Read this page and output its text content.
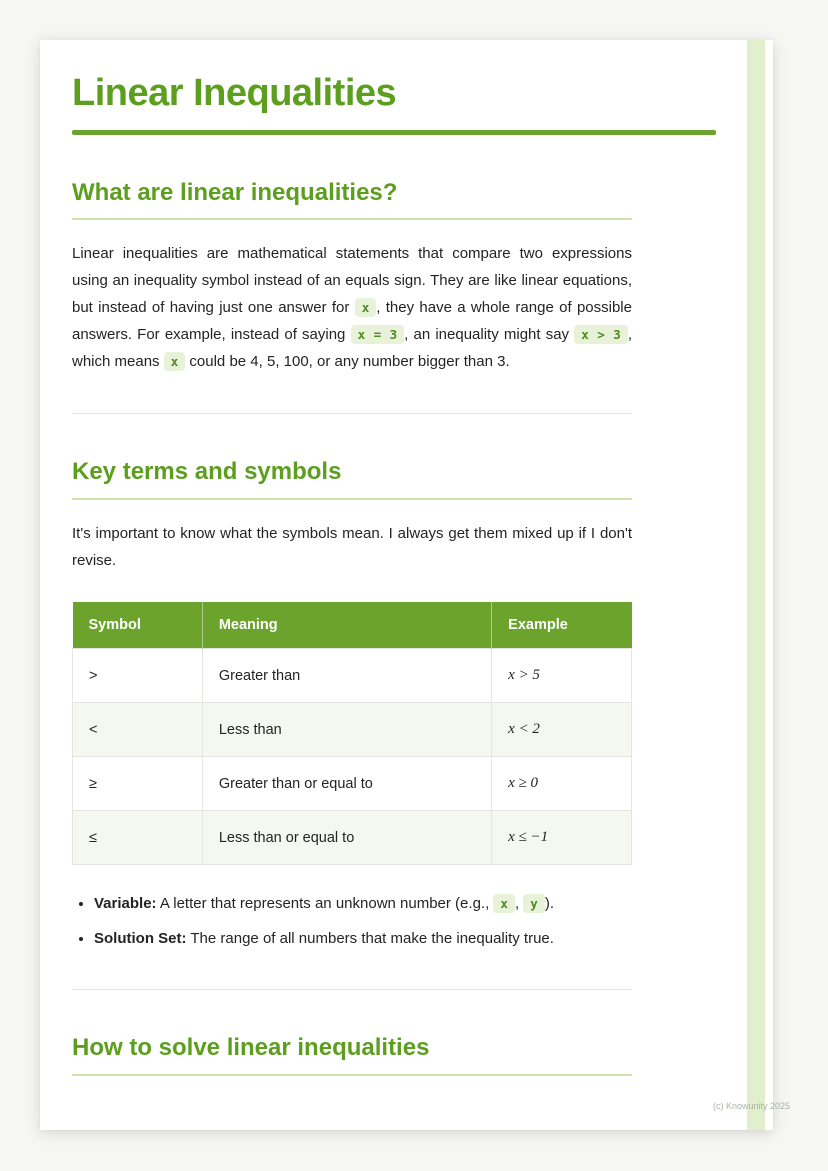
Linear Inequalities
What are linear inequalities?

Linear inequalities are mathematical statements that compare two expressions using an inequality symbol instead of an equals sign. They are like linear equations, but instead of having just one answer for x , they have a whole range of possible answers. For example, instead of saying x = 3 , an inequality might say x > 3 , which means x could be 4, 5, 100, or any number bigger than 3.

Key terms and symbols

It's important to know what the symbols mean. I always get them mixed up if I don't revise.

Symbol	Meaning	Example
>	Greater than	x > 5
<	Less than	x < 2
≥	Greater than or equal to	x ≥ 0
≤	Less than or equal to	x ≤ −1
• Variable: A letter that represents an unknown number (e.g., x , y ).
• Solution Set: The range of all numbers that make the inequality true.
How to solve linear inequalities
(c) Knowunity 2025
